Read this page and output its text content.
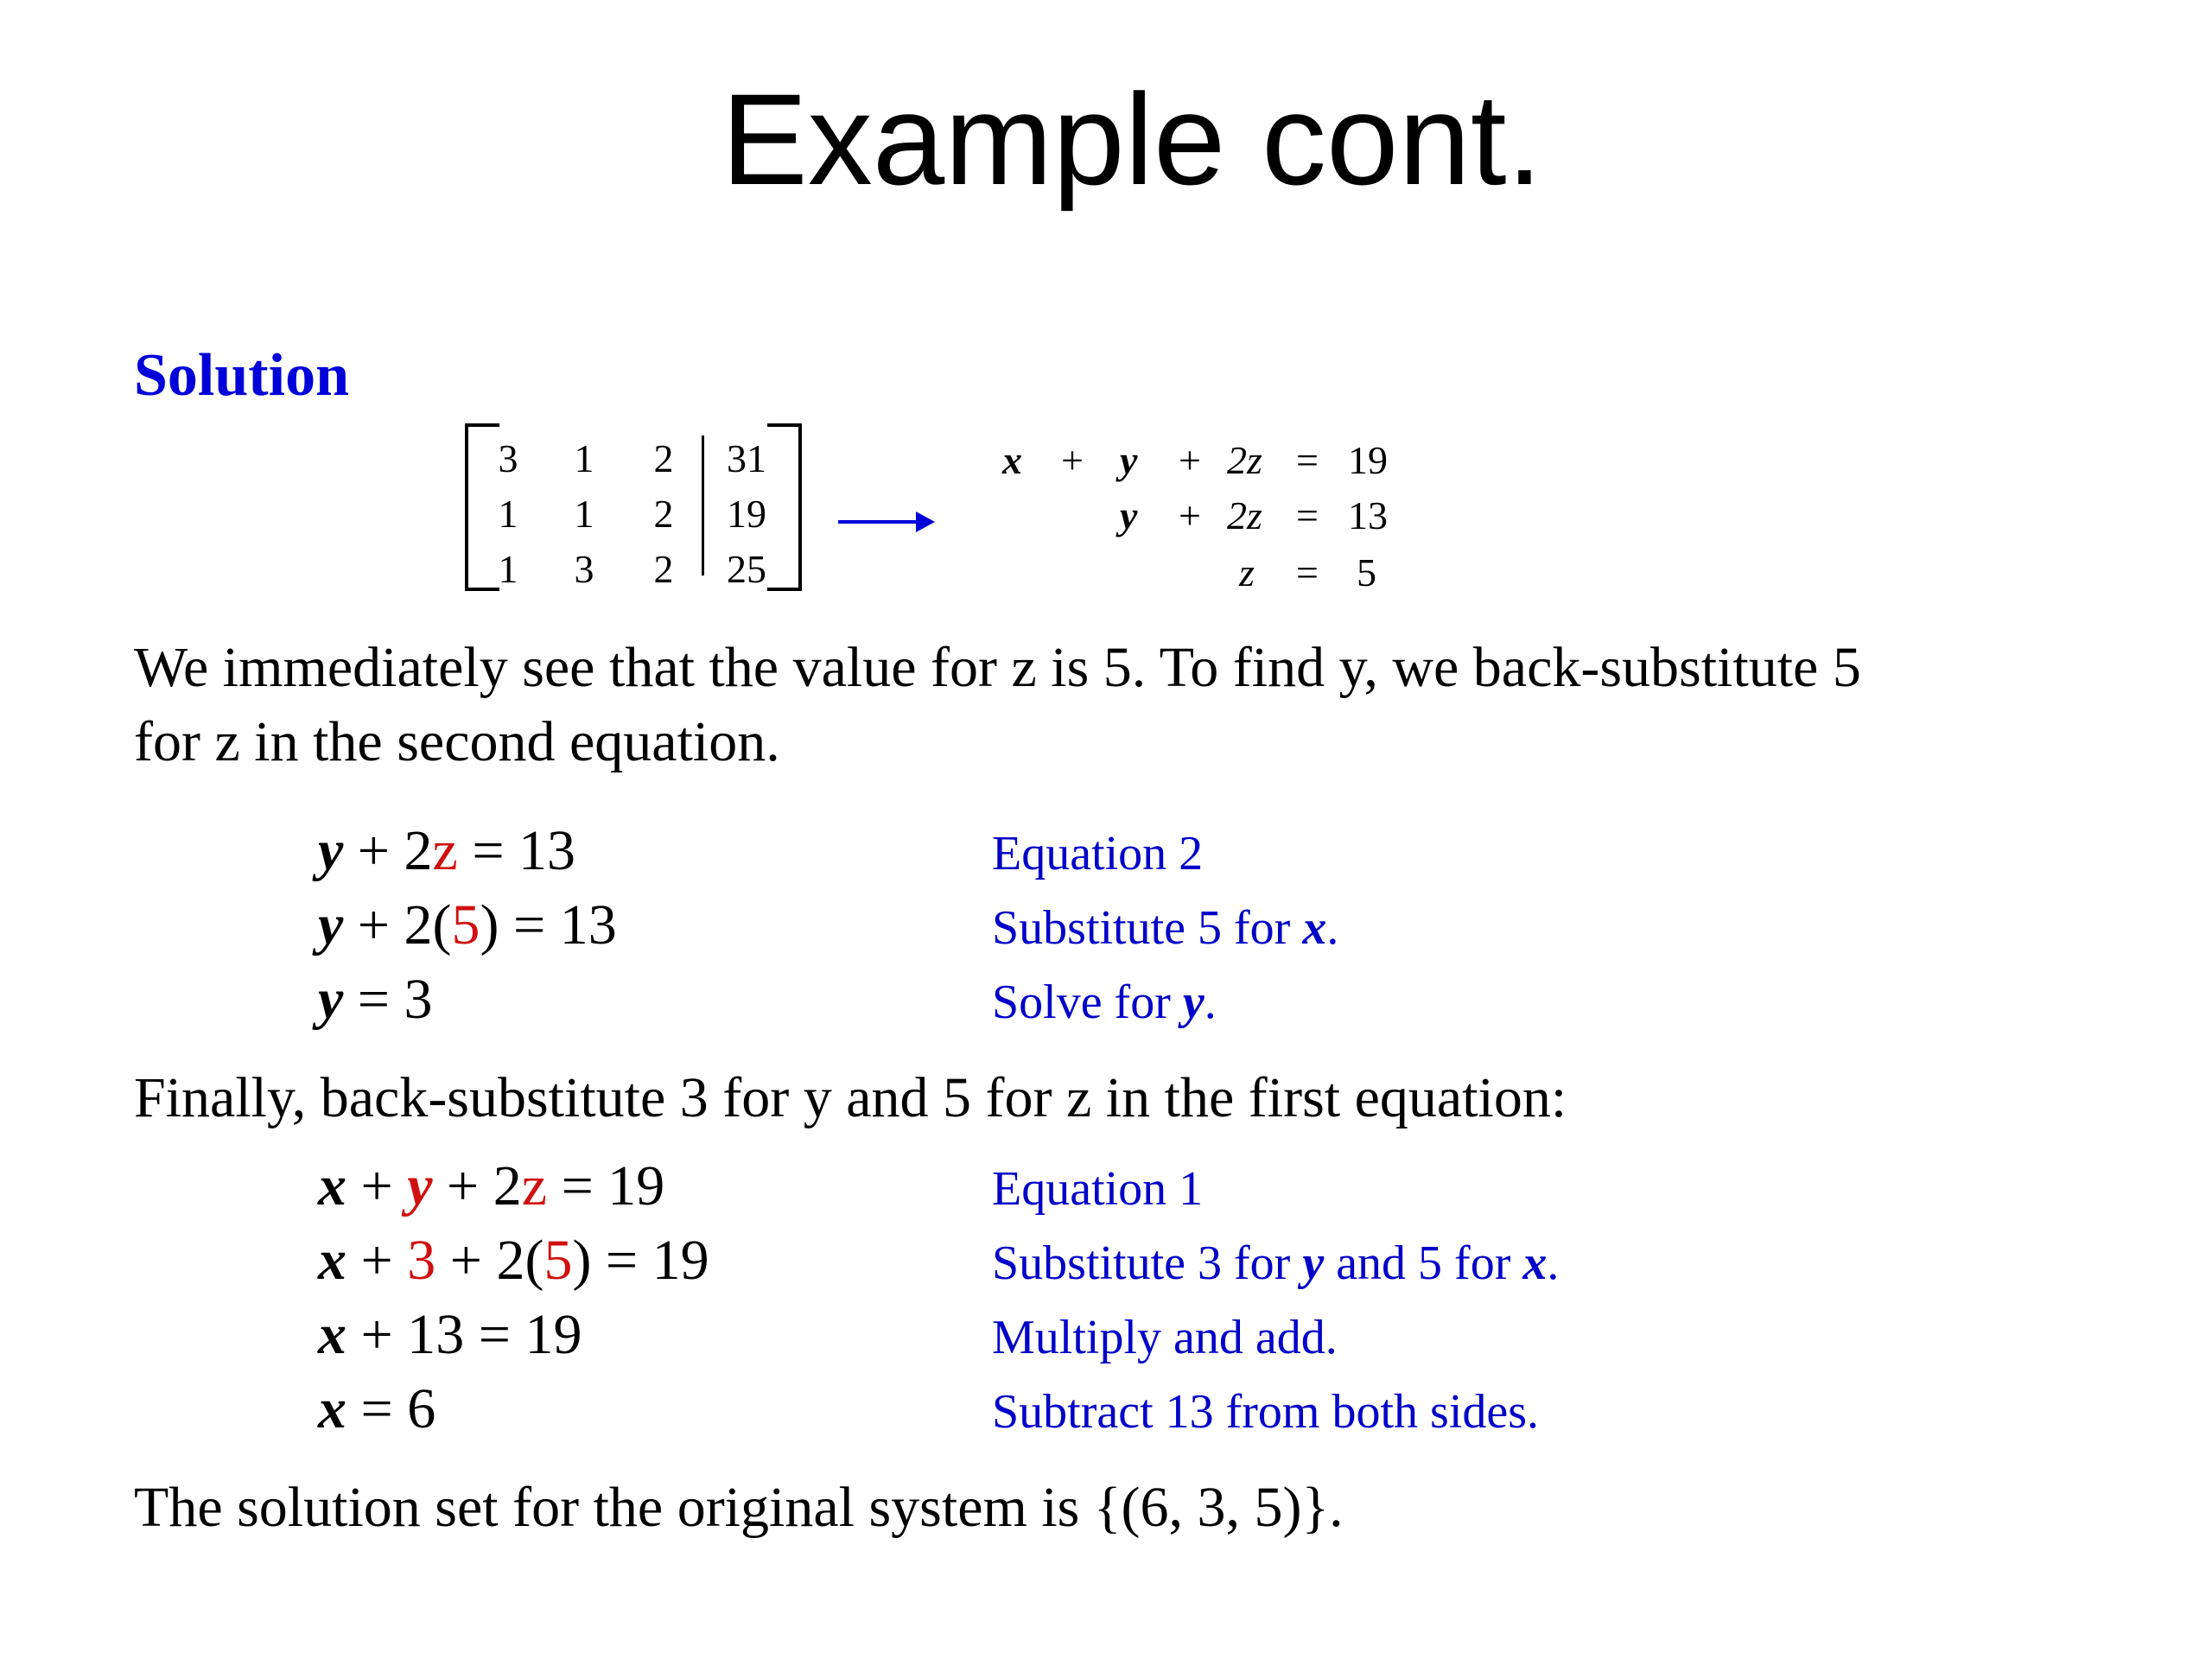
Example cont.
Solution
3	1	2	31
1	1	2	19
1	3	2	25
x + y + 2z = 19
y + 2z = 13
z = 5
We immediately see that the value for z is 5. To find y, we back-substitute 5
for z in the second equation.
y + 2z = 13	Equation 2
y + 2(5) = 13	Substitute 5 for x.
y = 3	Solve for y.
Finally, back-substitute 3 for y and 5 for z in the first equation:
x + y + 2z = 19	Equation 1
x + 3 + 2(5) = 19	Substitute 3 for y and 5 for x.
x + 13 = 19	Multiply and add.
x = 6	Subtract 13 from both sides.
The solution set for the original system is {(6, 3, 5)}.
